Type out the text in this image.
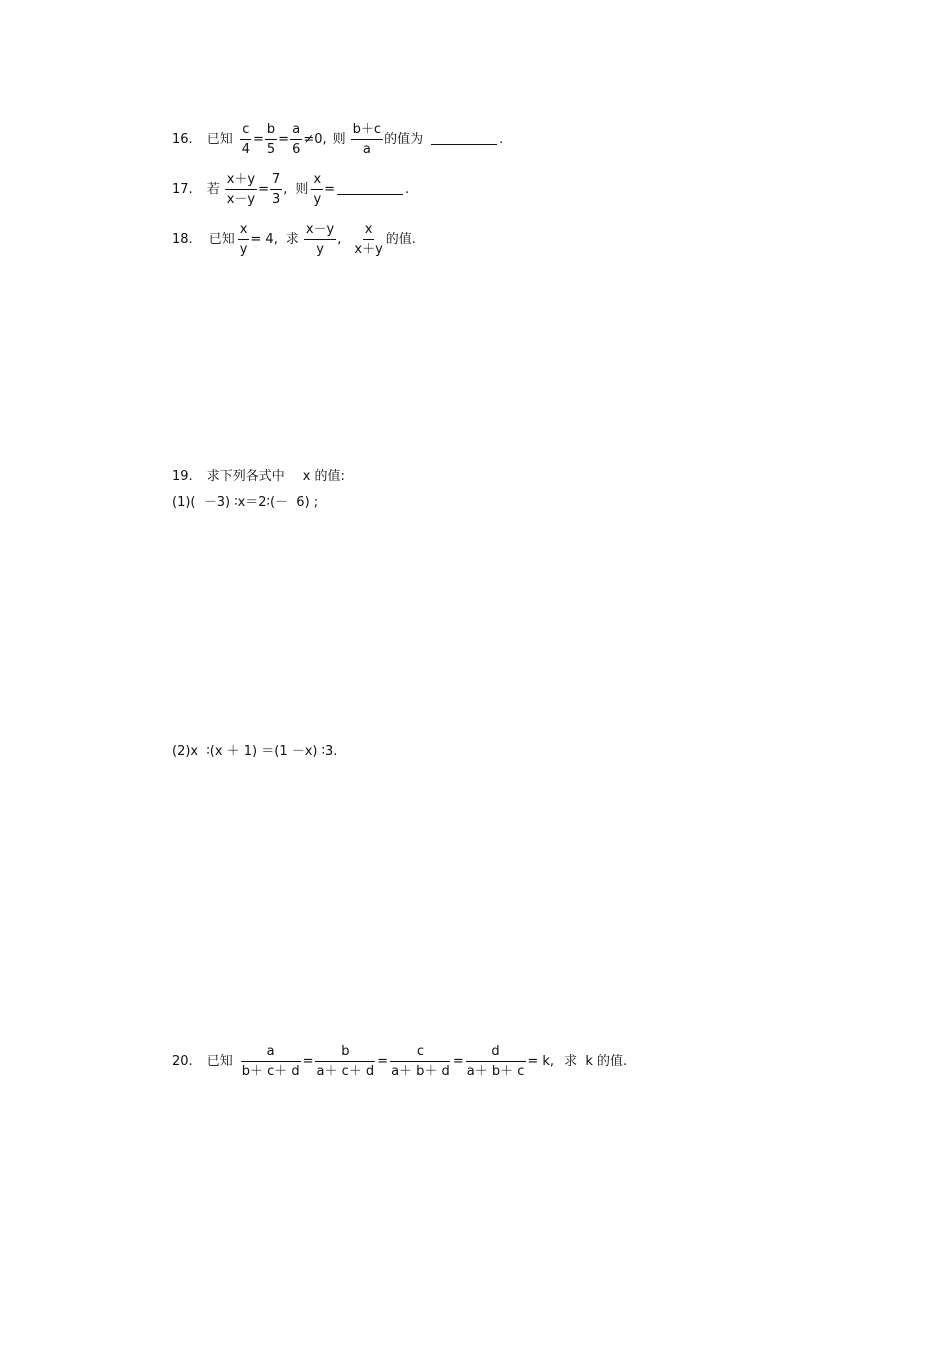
16. 已知 $\frac{c}{4} = \frac{b}{5} = \frac{a}{6} \ne 0$, 则 $\frac{b+c}{a}$ 的值为	.
17. 若 $\frac{x+y}{x-y} = \frac{7}{3}$ , 则 $\frac{x}{y}$ =	.
18. 已知 $\frac{x}{y} = 4$, 求 $\frac{x-y}{y}$ , $\frac{x}{x+y}$ 的值.
19. 求下列各式中 x 的值:
(1)(  －3) ∶x＝2∶(－  6) ;
(2)x  ∶(x ＋ 1) ＝(1 －x) ∶3.
20. 已知 $\frac{a}{b+ c+ d} = \frac{b}{a+ c+ d} = \frac{c}{a+ b+ d} = \frac{d}{a+ b+ c} = k$, 求  k 的值.
